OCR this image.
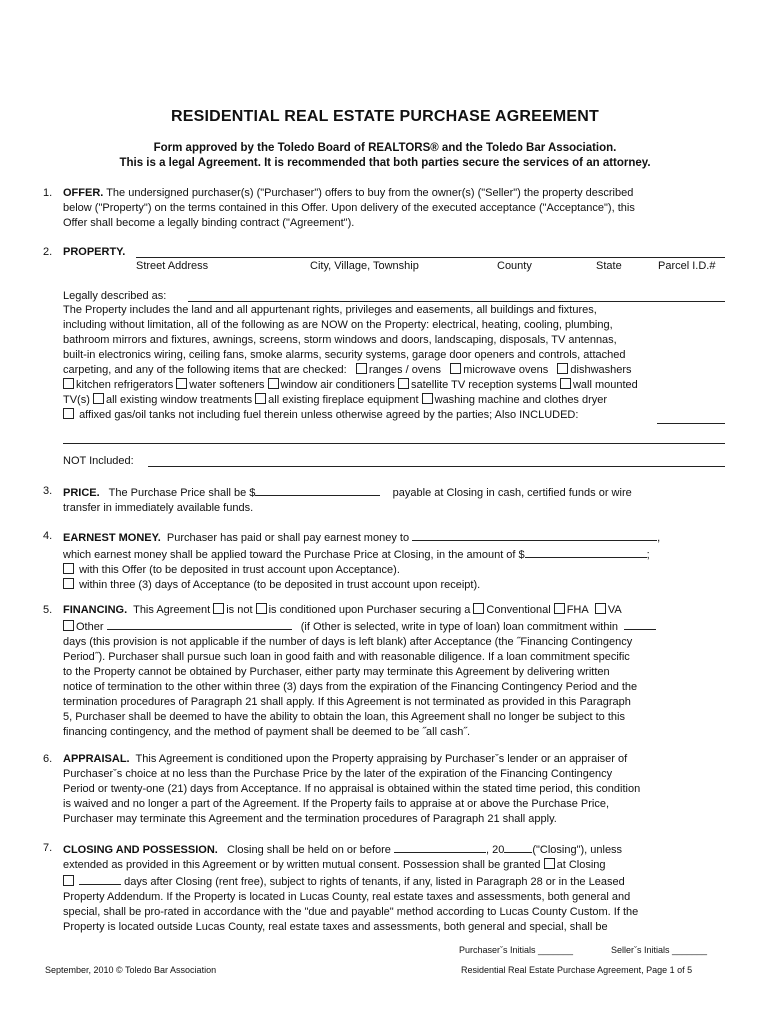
RESIDENTIAL REAL ESTATE PURCHASE AGREEMENT
Form approved by the Toledo Board of REALTORS® and the Toledo Bar Association.
This is a legal Agreement. It is recommended that both parties secure the services of an attorney.
1. OFFER. The undersigned purchaser(s) ("Purchaser") offers to buy from the owner(s) ("Seller") the property described
below ("Property") on the terms contained in this Offer. Upon delivery of the executed acceptance ("Acceptance"), this
Offer shall become a legally binding contract ("Agreement").
2. PROPERTY.
Street Address	City, Village, Township	County	State	Parcel I.D.#
Legally described as:
The Property includes the land and all appurtenant rights, privileges and easements, all buildings and fixtures,
including without limitation, all of the following as are NOW on the Property: electrical, heating, cooling, plumbing,
bathroom mirrors and fixtures, awnings, screens, storm windows and doors, landscaping, disposals, TV antennas,
built-in electronics wiring, ceiling fans, smoke alarms, security systems, garage door openers and controls, attached
carpeting, and any of the following items that are checked: ranges / ovens microwave ovens dishwashers
kitchen refrigerators water softeners window air conditioners satellite TV reception systems wall mounted
TV(s) all existing window treatments all existing fireplace equipment washing machine and clothes dryer
affixed gas/oil tanks not including fuel therein unless otherwise agreed by the parties; Also INCLUDED:
NOT Included:
3. PRICE. The Purchase Price shall be $	payable at Closing in cash, certified funds or wire
transfer in immediately available funds.
4. EARNEST MONEY. Purchaser has paid or shall pay earnest money to	,
which earnest money shall be applied toward the Purchase Price at Closing, in the amount of $	;
with this Offer (to be deposited in trust account upon Acceptance).
within three (3) days of Acceptance (to be deposited in trust account upon receipt).
5. FINANCING. This Agreement is not is conditioned upon Purchaser securing a Conventional FHA VA
Other	(if Other is selected, write in type of loan) loan commitment within
days (this provision is not applicable if the number of days is left blank) after Acceptance (the ˝Financing Contingency
Period˝). Purchaser shall pursue such loan in good faith and with reasonable diligence. If a loan commitment specific
to the Property cannot be obtained by Purchaser, either party may terminate this Agreement by delivering written
notice of termination to the other within three (3) days from the expiration of the Financing Contingency Period and the
termination procedures of Paragraph 21 shall apply. If this Agreement is not terminated as provided in this Paragraph
5, Purchaser shall be deemed to have the ability to obtain the loan, this Agreement shall no longer be subject to this
financing contingency, and the method of payment shall be deemed to be ˝all cash˝.
6. APPRAISAL. This Agreement is conditioned upon the Property appraising by Purchaserˇs lender or an appraiser of
Purchaserˇs choice at no less than the Purchase Price by the later of the expiration of the Financing Contingency
Period or twenty-one (21) days from Acceptance. If no appraisal is obtained within the stated time period, this condition
is waived and no longer a part of the Agreement. If the Property fails to appraise at or above the Purchase Price,
Purchaser may terminate this Agreement and the termination procedures of Paragraph 21 shall apply.
7. CLOSING AND POSSESSION. Closing shall be held on or before	, 20	("Closing"), unless
extended as provided in this Agreement or by written mutual consent. Possession shall be granted at Closing
days after Closing (rent free), subject to rights of tenants, if any, listed in Paragraph 28 or in the Leased
Property Addendum. If the Property is located in Lucas County, real estate taxes and assessments, both general and
special, shall be pro-rated in accordance with the "due and payable" method according to Lucas County Custom. If the
Property is located outside Lucas County, real estate taxes and assessments, both general and special, shall be
Purchaserˇs Initials _______	Sellerˇs Initials _______
September, 2010 © Toledo Bar Association	Residential Real Estate Purchase Agreement, Page 1 of 5
